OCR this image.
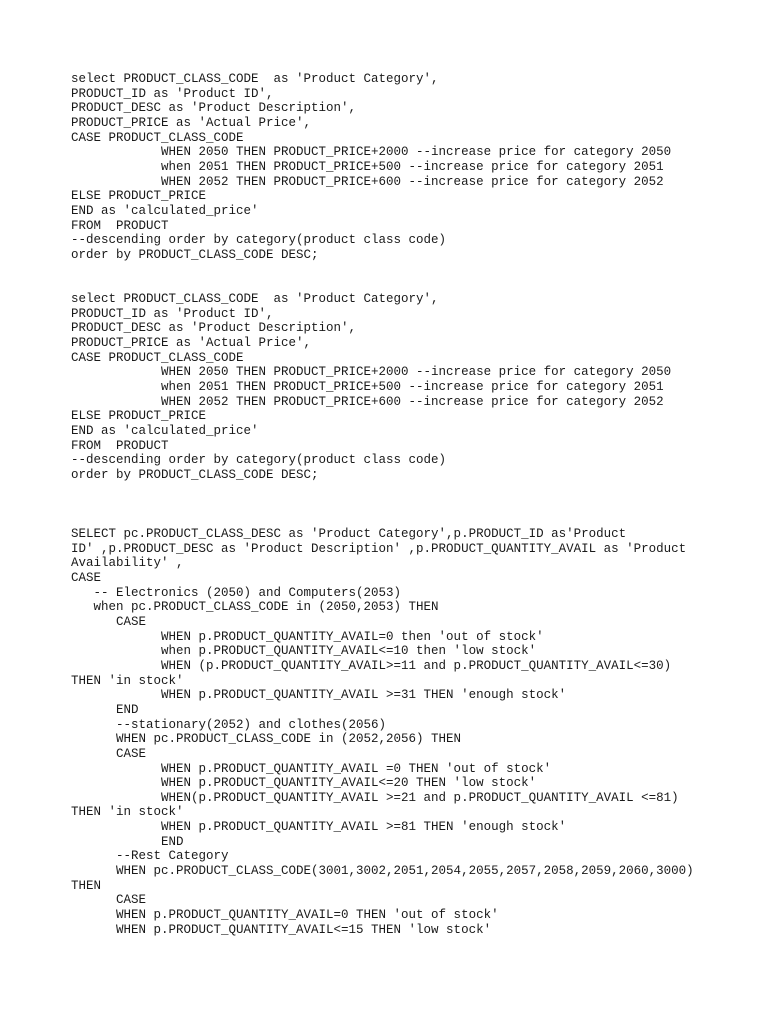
select PRODUCT_CLASS_CODE  as 'Product Category',
PRODUCT_ID as 'Product ID',
PRODUCT_DESC as 'Product Description',
PRODUCT_PRICE as 'Actual Price',
CASE PRODUCT_CLASS_CODE
WHEN 2050 THEN PRODUCT_PRICE+2000 --increase price for category 2050
when 2051 THEN PRODUCT_PRICE+500 --increase price for category 2051
WHEN 2052 THEN PRODUCT_PRICE+600 --increase price for category 2052
ELSE PRODUCT_PRICE
END as 'calculated_price'
FROM  PRODUCT
--descending order by category(product class code)
order by PRODUCT_CLASS_CODE DESC;
select PRODUCT_CLASS_CODE  as 'Product Category',
PRODUCT_ID as 'Product ID',
PRODUCT_DESC as 'Product Description',
PRODUCT_PRICE as 'Actual Price',
CASE PRODUCT_CLASS_CODE
WHEN 2050 THEN PRODUCT_PRICE+2000 --increase price for category 2050
when 2051 THEN PRODUCT_PRICE+500 --increase price for category 2051
WHEN 2052 THEN PRODUCT_PRICE+600 --increase price for category 2052
ELSE PRODUCT_PRICE
END as 'calculated_price'
FROM  PRODUCT
--descending order by category(product class code)
order by PRODUCT_CLASS_CODE DESC;
SELECT pc.PRODUCT_CLASS_DESC as 'Product Category',p.PRODUCT_ID as'Product
ID' ,p.PRODUCT_DESC as 'Product Description' ,p.PRODUCT_QUANTITY_AVAIL as 'Product
Availability' ,
CASE
-- Electronics (2050) and Computers(2053)
when pc.PRODUCT_CLASS_CODE in (2050,2053) THEN
CASE
WHEN p.PRODUCT_QUANTITY_AVAIL=0 then 'out of stock'
when p.PRODUCT_QUANTITY_AVAIL<=10 then 'low stock'
WHEN (p.PRODUCT_QUANTITY_AVAIL>=11 and p.PRODUCT_QUANTITY_AVAIL<=30)
THEN 'in stock'
WHEN p.PRODUCT_QUANTITY_AVAIL >=31 THEN 'enough stock'
END
--stationary(2052) and clothes(2056)
WHEN pc.PRODUCT_CLASS_CODE in (2052,2056) THEN
CASE
WHEN p.PRODUCT_QUANTITY_AVAIL =0 THEN 'out of stock'
WHEN p.PRODUCT_QUANTITY_AVAIL<=20 THEN 'low stock'
WHEN(p.PRODUCT_QUANTITY_AVAIL >=21 and p.PRODUCT_QUANTITY_AVAIL <=81)
THEN 'in stock'
WHEN p.PRODUCT_QUANTITY_AVAIL >=81 THEN 'enough stock'
END
--Rest Category
WHEN pc.PRODUCT_CLASS_CODE(3001,3002,2051,2054,2055,2057,2058,2059,2060,3000)
THEN
CASE
WHEN p.PRODUCT_QUANTITY_AVAIL=0 THEN 'out of stock'
WHEN p.PRODUCT_QUANTITY_AVAIL<=15 THEN 'low stock'
